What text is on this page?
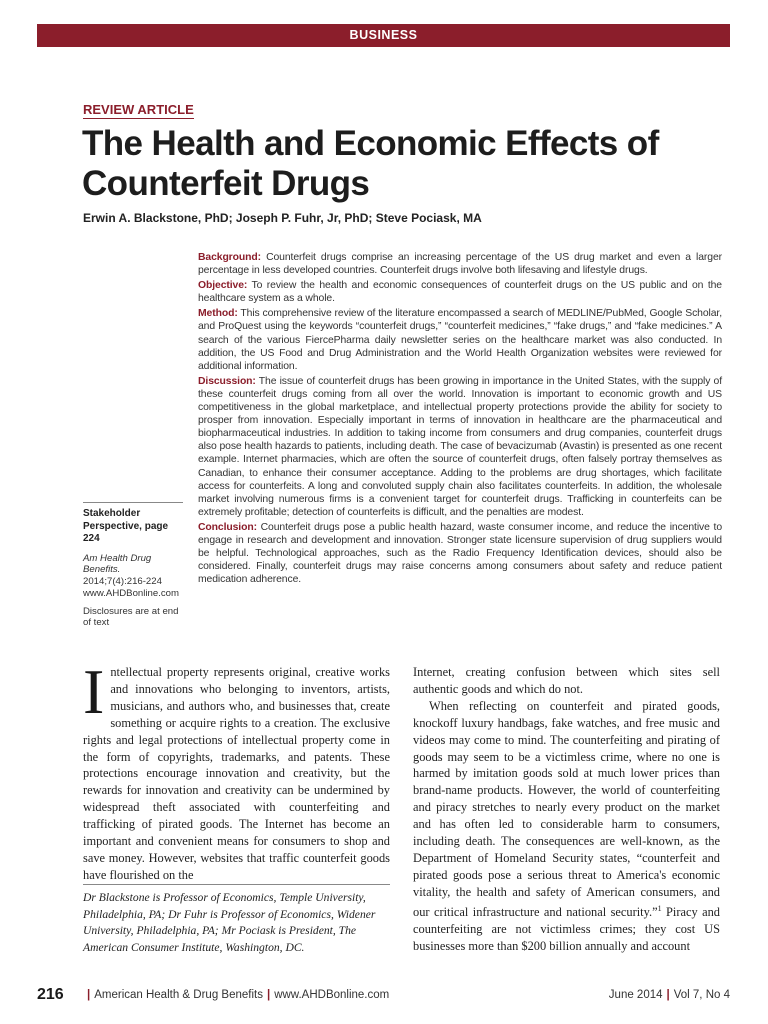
BUSINESS
REVIEW ARTICLE
The Health and Economic Effects of Counterfeit Drugs
Erwin A. Blackstone, PhD; Joseph P. Fuhr, Jr, PhD; Steve Pociask, MA

Background: Counterfeit drugs comprise an increasing percentage of the US drug market and even a larger percentage in less developed countries. Counterfeit drugs involve both lifesaving and lifestyle drugs.

Objective: To review the health and economic consequences of counterfeit drugs on the US public and on the healthcare system as a whole.

Method: This comprehensive review of the literature encompassed a search of MEDLINE/PubMed, Google Scholar, and ProQuest using the keywords “counterfeit drugs,” “counterfeit medicines,” “fake drugs,” and “fake medicines.” A search of the various FiercePharma daily newsletter series on the healthcare market was also conducted. In addition, the US Food and Drug Administration and the World Health Organization websites were reviewed for additional information.

Discussion: The issue of counterfeit drugs has been growing in importance in the United States, with the supply of these counterfeit drugs coming from all over the world. Innovation is important to economic growth and US competitiveness in the global marketplace, and intellectual property protections provide the ability for society to prosper from innovation. Especially important in terms of innovation in healthcare are the pharmaceutical and biopharmaceutical industries. In addition to taking income from consumers and drug companies, counterfeit drugs also pose health hazards to patients, including death. The case of bevacizumab (Avastin) is presented as one recent example. Internet pharmacies, which are often the source of counterfeit drugs, often falsely portray themselves as Canadian, to enhance their consumer acceptance. Adding to the problems are drug shortages, which facilitate access for counterfeits. A long and convoluted supply chain also facilitates counterfeits. In addition, the wholesale market involving numerous firms is a convenient target for counterfeit drugs. Trafficking in counterfeits can be extremely profitable; detection of counterfeits is difficult, and the penalties are modest.

Conclusion: Counterfeit drugs pose a public health hazard, waste consumer income, and reduce the incentive to engage in research and development and innovation. Stronger state licensure supervision of drug suppliers would be helpful. Technological approaches, such as the Radio Frequency Identification devices, should also be considered. Finally, counterfeit drugs may raise concerns among consumers about safety and reduce patient medication adherence.

Stakeholder Perspective, page 224
Am Health Drug Benefits. 2014;7(4):216-224 www.AHDBonline.com
Disclosures are at end of text

Intellectual property represents original, creative works and innovations who belonging to inventors, artists, musicians, and authors who, and businesses that, create something or acquire rights to a creation. The exclusive rights and legal protections of intellectual property come in the form of copyrights, trademarks, and patents. These protections encourage innovation and creativity, but the rewards for innovation and creativity can be undermined by widespread theft associated with counterfeiting and trafficking of pirated goods. The Internet has become an important and convenient means for consumers to shop and save money. However, websites that traffic counterfeit goods have flourished on the

Dr Blackstone is Professor of Economics, Temple University, Philadelphia, PA; Dr Fuhr is Professor of Economics, Widener University, Philadelphia, PA; Mr Pociask is President, The American Consumer Institute, Washington, DC.

Internet, creating confusion between which sites sell authentic goods and which do not.

When reflecting on counterfeit and pirated goods, knockoff luxury handbags, fake watches, and free music and videos may come to mind. The counterfeiting and pirating of goods may seem to be a victimless crime, where no one is harmed by imitation goods sold at much lower prices than brand-name products. However, the world of counterfeiting and piracy stretches to nearly every product on the market and has often led to considerable harm to consumers, including death. The consequences are well-known, as the Department of Homeland Security states, “counterfeit and pirated goods pose a serious threat to America's economic vitality, the health and safety of American consumers, and our critical infrastructure and national security.”$^1$ Piracy and counterfeiting are not victimless crimes; they cost US businesses more than $200 billion annually and account

216	| American Health & Drug Benefits | www.AHDBonline.com	June 2014 | Vol 7, No 4
